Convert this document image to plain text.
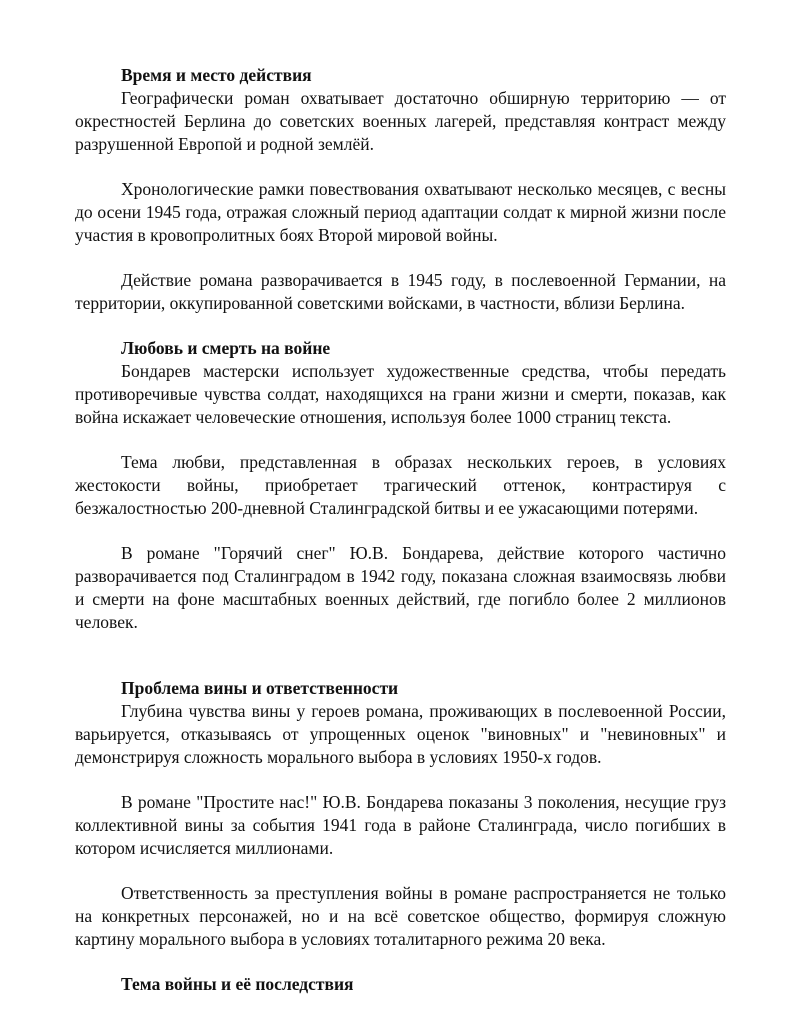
Время и место действия

Географически роман охватывает достаточно обширную территорию — от окрестностей Берлина до советских военных лагерей, представляя контраст между разрушенной Европой и родной землёй.

Хронологические рамки повествования охватывают несколько месяцев, с весны до осени 1945 года, отражая сложный период адаптации солдат к мирной жизни после участия в кровопролитных боях Второй мировой войны.

Действие романа разворачивается в 1945 году, в послевоенной Германии, на территории, оккупированной советскими войсками, в частности, вблизи Берлина.

Любовь и смерть на войне

Бондарев мастерски использует художественные средства, чтобы передать противоречивые чувства солдат, находящихся на грани жизни и смерти, показав, как война искажает человеческие отношения, используя более 1000 страниц текста.

Тема любви, представленная в образах нескольких героев, в условиях жестокости войны, приобретает трагический оттенок, контрастируя с безжалостностью 200-дневной Сталинградской битвы и ее ужасающими потерями.

В романе "Горячий снег" Ю.В. Бондарева, действие которого частично разворачивается под Сталинградом в 1942 году, показана сложная взаимосвязь любви и смерти на фоне масштабных военных действий, где погибло более 2 миллионов человек.

Проблема вины и ответственности

Глубина чувства вины у героев романа, проживающих в послевоенной России, варьируется, отказываясь от упрощенных оценок "виновных" и "невиновных" и демонстрируя сложность морального выбора в условиях 1950-х годов.

В романе "Простите нас!" Ю.В. Бондарева показаны 3 поколения, несущие груз коллективной вины за события 1941 года в районе Сталинграда, число погибших в котором исчисляется миллионами.

Ответственность за преступления войны в романе распространяется не только на конкретных персонажей, но и на всё советское общество, формируя сложную картину морального выбора в условиях тоталитарного режима 20 века.

Тема войны и её последствия
